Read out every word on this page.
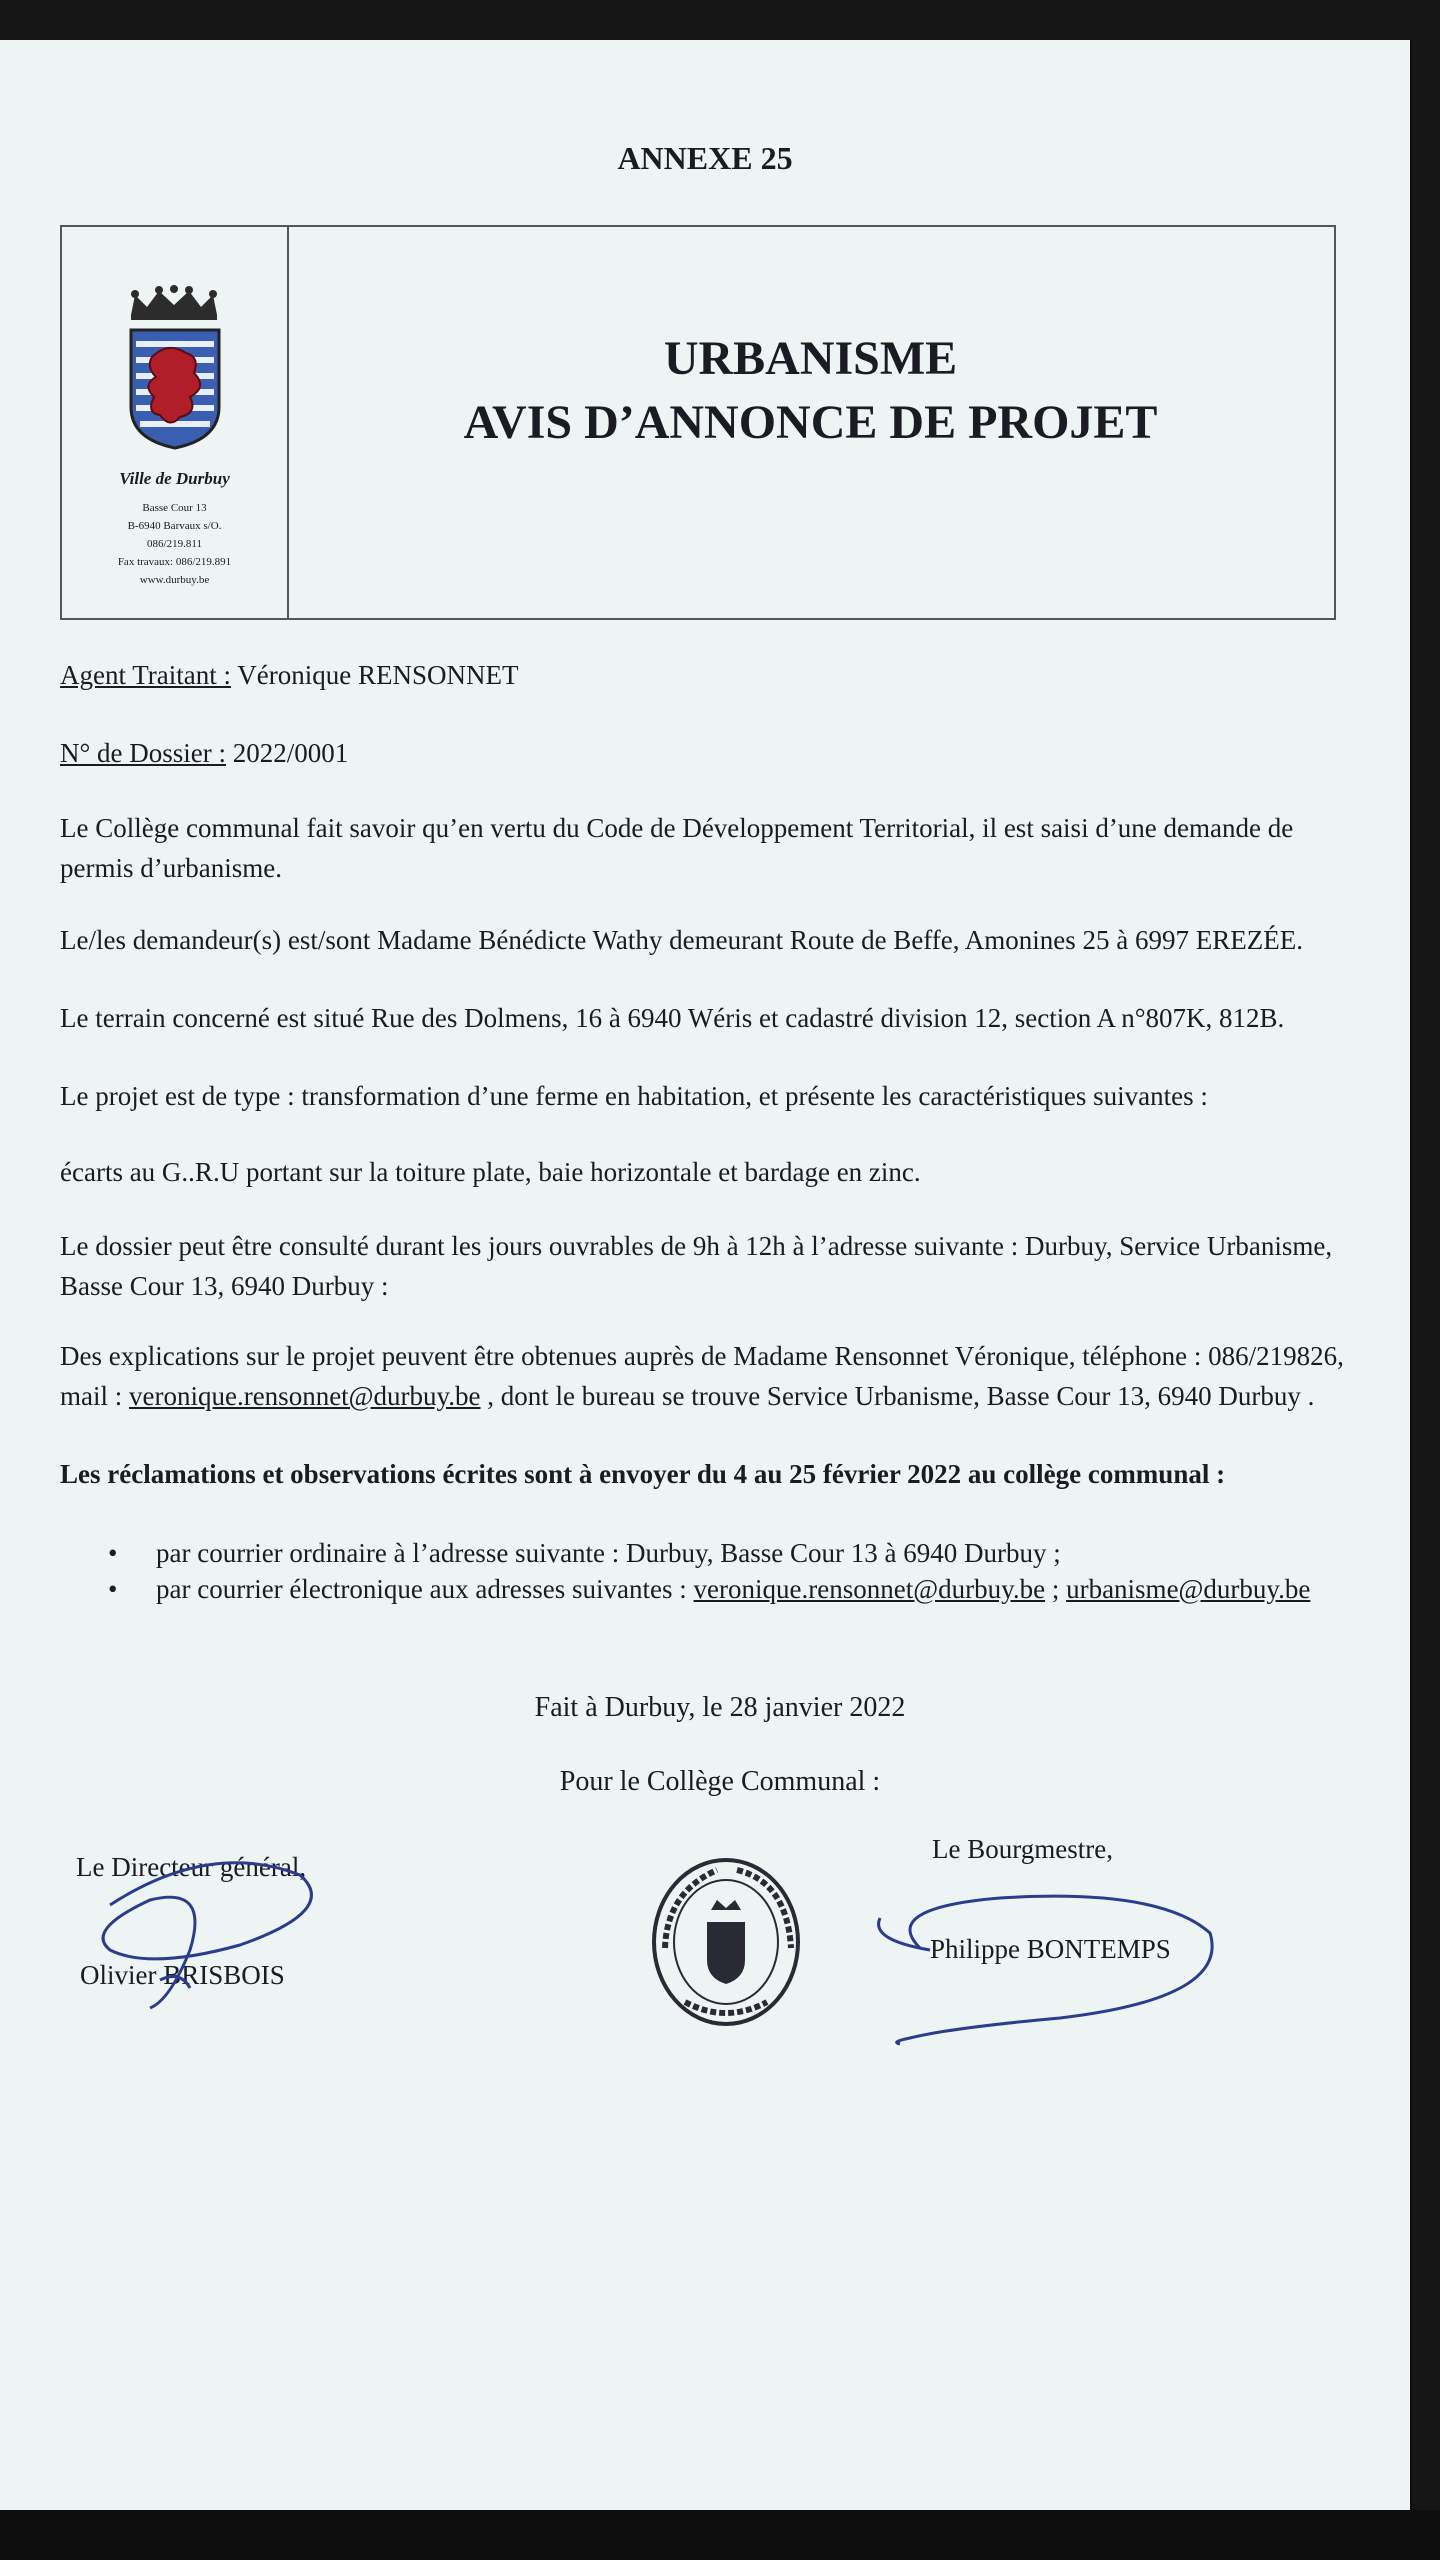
ANNEXE 25
Ville de Durbuy
Basse Cour 13
B-6940 Barvaux s/O.
086/219.811
Fax travaux: 086/219.891
www.durbuy.be
URBANISME
AVIS D’ANNONCE DE PROJET
Agent Traitant : Véronique RENSONNET
N° de Dossier : 2022/0001
Le Collège communal fait savoir qu’en vertu du Code de Développement Territorial, il est saisi d’une demande de permis d’urbanisme.
Le/les demandeur(s) est/sont Madame Bénédicte Wathy demeurant Route de Beffe, Amonines 25 à 6997 EREZÉE.
Le terrain concerné est situé Rue des Dolmens, 16 à 6940 Wéris et cadastré division 12, section A n°807K, 812B.
Le projet est de type : transformation d’une ferme en habitation, et présente les caractéristiques suivantes :
écarts au G..R.U portant sur la toiture plate, baie horizontale et bardage en zinc.
Le dossier peut être consulté durant les jours ouvrables de 9h à 12h à l’adresse suivante : Durbuy, Service Urbanisme, Basse Cour 13, 6940 Durbuy :
Des explications sur le projet peuvent être obtenues auprès de Madame Rensonnet Véronique, téléphone : 086/219826, mail : veronique.rensonnet@durbuy.be , dont le bureau se trouve Service Urbanisme, Basse Cour 13, 6940 Durbuy .
Les réclamations et observations écrites sont à envoyer du 4 au 25 février 2022 au collège communal :
• par courrier ordinaire à l’adresse suivante : Durbuy, Basse Cour 13 à 6940 Durbuy ;
• par courrier électronique aux adresses suivantes : veronique.rensonnet@durbuy.be ; urbanisme@durbuy.be
Fait à Durbuy, le 28 janvier 2022
Pour le Collège Communal :
Le Directeur général,
Olivier BRISBOIS
Le Bourgmestre,
Philippe BONTEMPS
